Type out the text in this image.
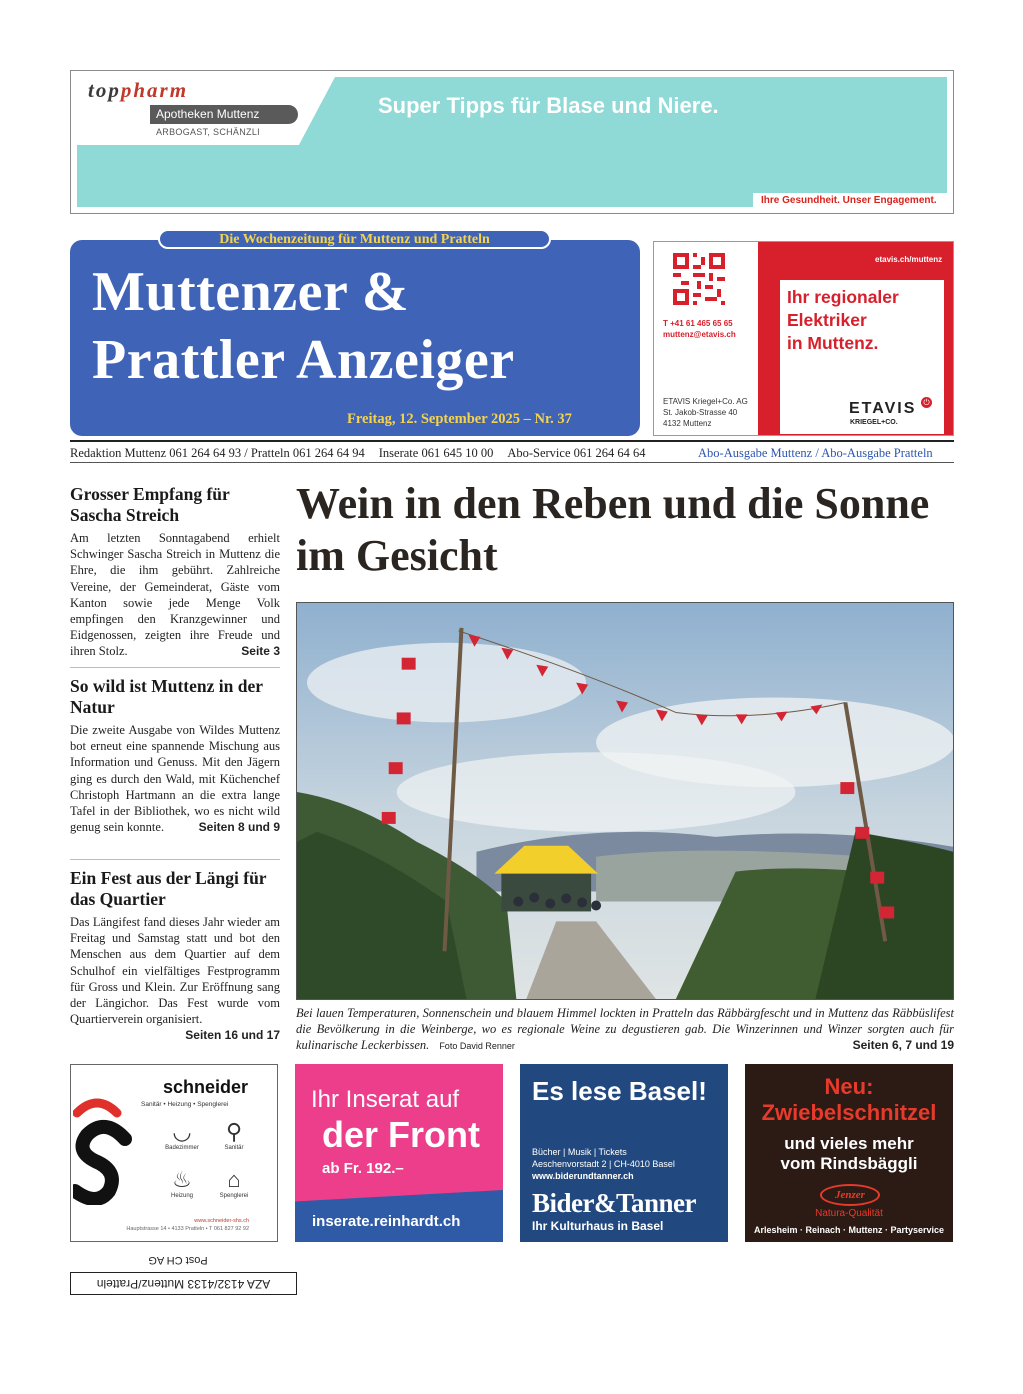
toppharm
Apotheken Muttenz
ARBOGAST, SCHÄNZLI
Super Tipps für Blase und Niere.
Ihre Gesundheit. Unser Engagement.
Die Wochenzeitung für Muttenz und Pratteln
Muttenzer &
Prattler Anzeiger
Freitag, 12. September 2025 – Nr. 37
T +41 61 465 65 65
muttenz@etavis.ch
ETAVIS Kriegel+Co. AG
St. Jakob-Strasse 40
4132 Muttenz
etavis.ch/muttenz
Ihr regionaler
Elektriker
in Muttenz.
ETAVIS ⏻
KRIEGEL+CO.
Redaktion Muttenz 061 264 64 93 / Pratteln 061 264 64 94 Inserate 061 645 10 00 Abo-Service 061 264 64 64	Abo-Ausgabe Muttenz / Abo-Ausgabe Pratteln
Grosser Empfang für Sascha Streich

Am letzten Sonntagabend erhielt Schwinger Sascha Streich in Muttenz die Ehre, die ihm gebührt. Zahlreiche Vereine, der Gemeinderat, Gäste vom Kanton sowie jede Menge Volk empfingen den Kranzgewinner und Eidgenossen, zeigten ihre Freude und ihren Stolz.	Seite 3

So wild ist Muttenz in der Natur

Die zweite Ausgabe von Wildes Muttenz bot erneut eine spannende Mischung aus Information und Genuss. Mit den Jägern ging es durch den Wald, mit Küchenchef Christoph Hartmann an die extra lange Tafel in der Bibliothek, wo es nicht wild genug sein konnte.	Seiten 8 und 9

Ein Fest aus der Längi für das Quartier

Das Längifest fand dieses Jahr wieder am Freitag und Samstag statt und bot den Menschen aus dem Quartier auf dem Schulhof ein vielfältiges Festprogramm für Gross und Klein. Zur Eröffnung sang der Längichor. Das Fest wurde vom Quartierverein organisiert.
Seiten 16 und 17

Wein in den Reben und die Sonne im Gesicht
Bei lauen Temperaturen, Sonnenschein und blauem Himmel lockten in Pratteln das Räbbärgfescht und in Muttenz das Räbbüslifest die Bevölkerung in die Weinberge, wo es regionale Weine zu degustieren gab. Die Winzerinnen und Winzer sorgten auch für kulinarische Leckerbissen. Foto David Renner	Seiten 6, 7 und 19
schneider
Sanitär • Heizung • Spenglerei
◡
Badezimmer
⚲
Sanitär
♨
Heizung
⌂
Spenglerei
www.schneider-shs.ch
Hauptstrasse 14 • 4133 Pratteln • T 061 827 92 92
Ihr Inserat auf
der Front
ab Fr. 192.–
inserate.reinhardt.ch
Es lese Basel!
Bücher | Musik | Tickets
Aeschenvorstadt 2 | CH-4010 Basel
www.biderundtanner.ch
Bider&Tanner
Ihr Kulturhaus in Basel
Neu:
Zwiebelschnitzel
und vieles mehr
vom Rindsbäggli
Jenzer
Natura-Qualität
Arlesheim · Reinach · Muttenz · Partyservice
Post CH AG
AZA 4132/4133 Muttenz/Pratteln
